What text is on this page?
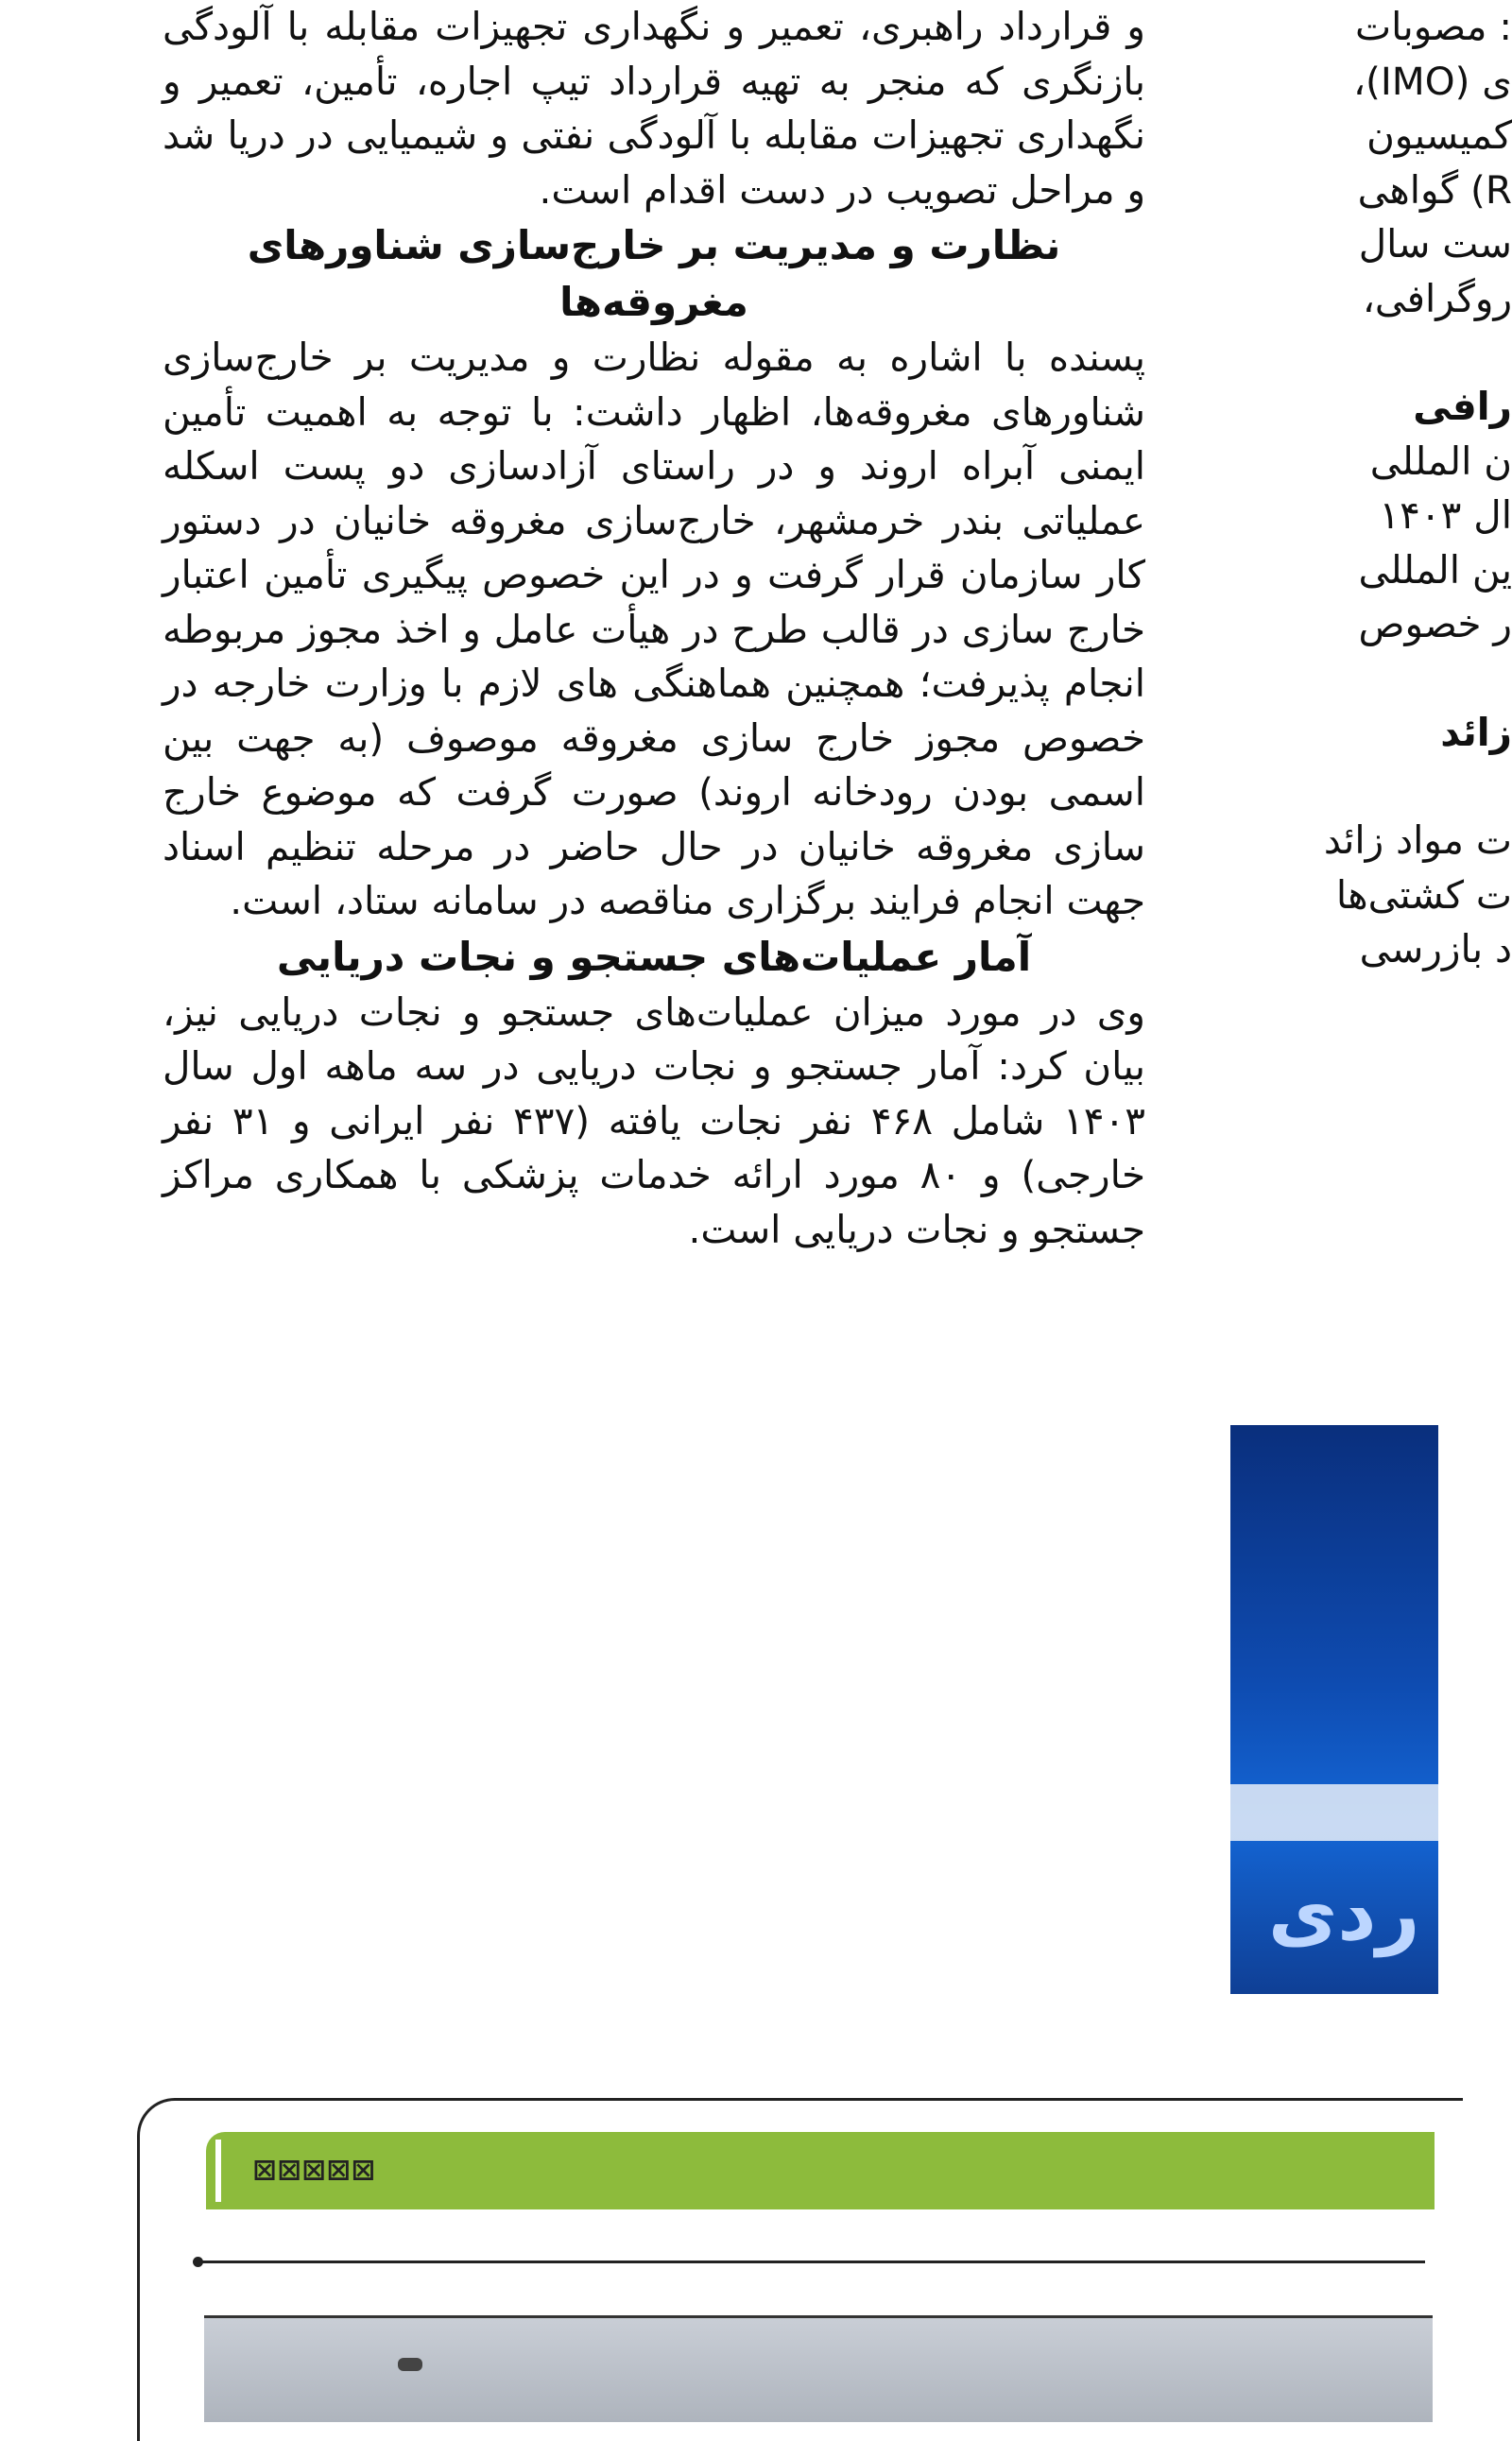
و قرارداد راهبری، تعمیر و نگهداری تجهیزات مقابله با آلودگی بازنگری که منجر به تهیه قرارداد تیپ اجاره، تأمین، تعمیر و نگهداری تجهیزات مقابله با آلودگی نفتی و شیمیایی در دریا شد و مراحل تصویب در دست اقدام است.

نظارت و مدیریت بر خارج‌سازی شناورهای مغروقه‌ها

پسنده با اشاره به مقوله نظارت و مدیریت بر خارج‌سازی شناورهای مغروقه‌ها، اظهار داشت: با توجه به اهمیت تأمین ایمنی آبراه اروند و در راستای آزادسازی دو پست اسکله عملیاتی بندر خرمشهر، خارج‌سازی مغروقه خانیان در دستور کار سازمان قرار گرفت و در این خصوص پیگیری تأمین اعتبار خارج سازی در قالب طرح در هیأت عامل و اخذ مجوز مربوطه انجام پذیرفت؛ همچنین هماهنگی های لازم با وزارت خارجه در خصوص مجوز خارج سازی مغروقه موصوف (به جهت بین اسمی بودن رودخانه اروند) صورت گرفت که موضوع خارج سازی مغروقه خانیان در حال حاضر در مرحله تنظیم اسناد جهت انجام فرایند برگزاری مناقصه در سامانه ستاد، است.

آمار عملیات‌های جستجو و نجات دریایی

وی در مورد میزان عملیات‌های جستجو و نجات دریایی نیز، بیان کرد: آمار جستجو و نجات دریایی در سه ماهه اول سال ۱۴۰۳ شامل ۴۶۸ نفر نجات یافته (۴۳۷ نفر ایرانی و ۳۱ نفر خارجی) و ۸۰ مورد ارائه خدمات پزشکی با همکاری مراکز جستجو و نجات دریایی است.

: مصوبات
ی (IMO)،
کمیسیون
R) گواهی
ست سال
روگرافی،
رافی
ن المللی
ال ۱۴۰۳
ین المللی
ر خصوص
زائد
ت مواد زائد
ت کشتی‌ها
د بازرسی
ردی
⊠⊠⊠⊠⊠
